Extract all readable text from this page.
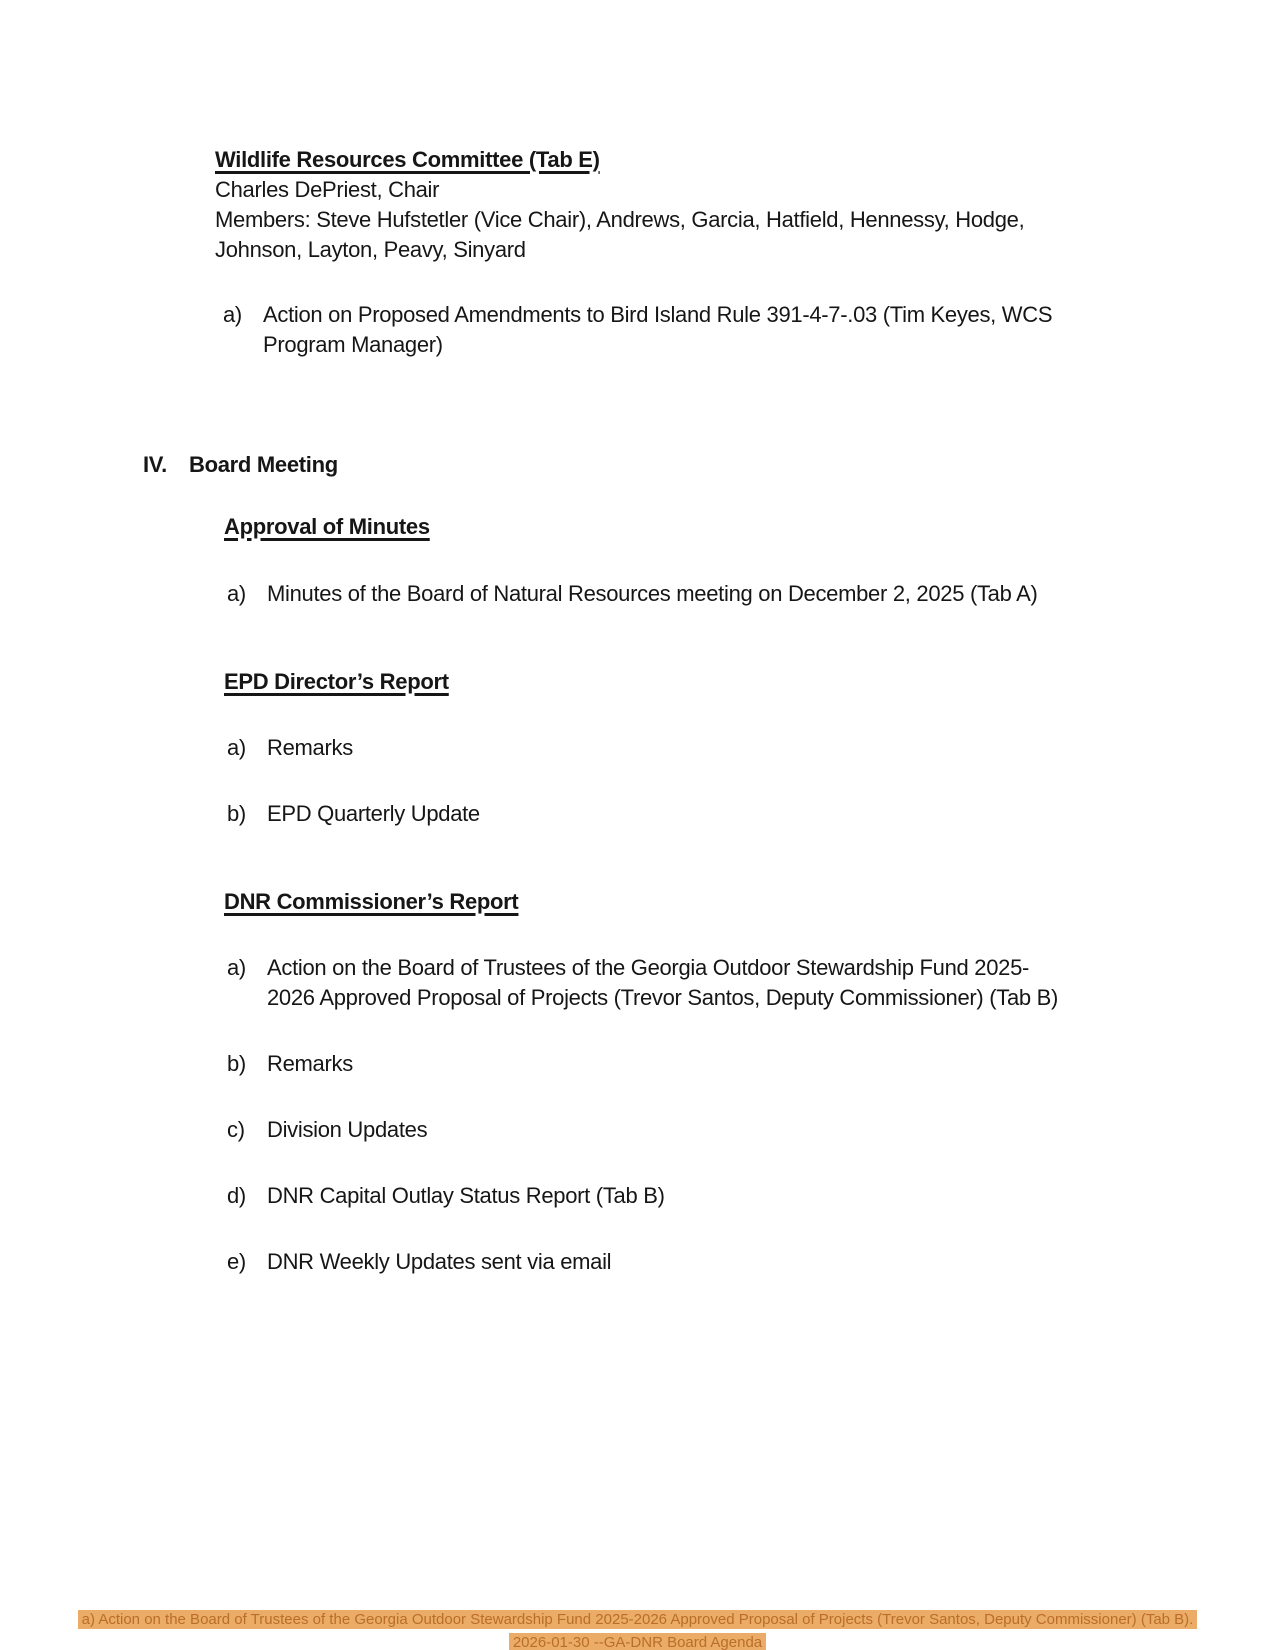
Wildlife Resources Committee (Tab E)
Charles DePriest, Chair
Members: Steve Hufstetler (Vice Chair), Andrews, Garcia, Hatfield, Hennessy, Hodge,
Johnson, Layton, Peavy, Sinyard
a) Action on Proposed Amendments to Bird Island Rule 391-4-7-.03 (Tim Keyes, WCS
Program Manager)
IV.	Board Meeting
Approval of Minutes
a) Minutes of the Board of Natural Resources meeting on December 2, 2025 (Tab A)
EPD Director’s Report
a) Remarks
b) EPD Quarterly Update
DNR Commissioner’s Report
a) Action on the Board of Trustees of the Georgia Outdoor Stewardship Fund 2025-
2026 Approved Proposal of Projects (Trevor Santos, Deputy Commissioner) (Tab B)
b) Remarks
c)	Division Updates
d) DNR Capital Outlay Status Report (Tab B)
e) DNR Weekly Updates sent via email
a) Action on the Board of Trustees of the Georgia Outdoor Stewardship Fund 2025-2026 Approved Proposal of Projects (Trevor Santos, Deputy Commissioner) (Tab B).
2026-01-30 --GA-DNR Board Agenda
